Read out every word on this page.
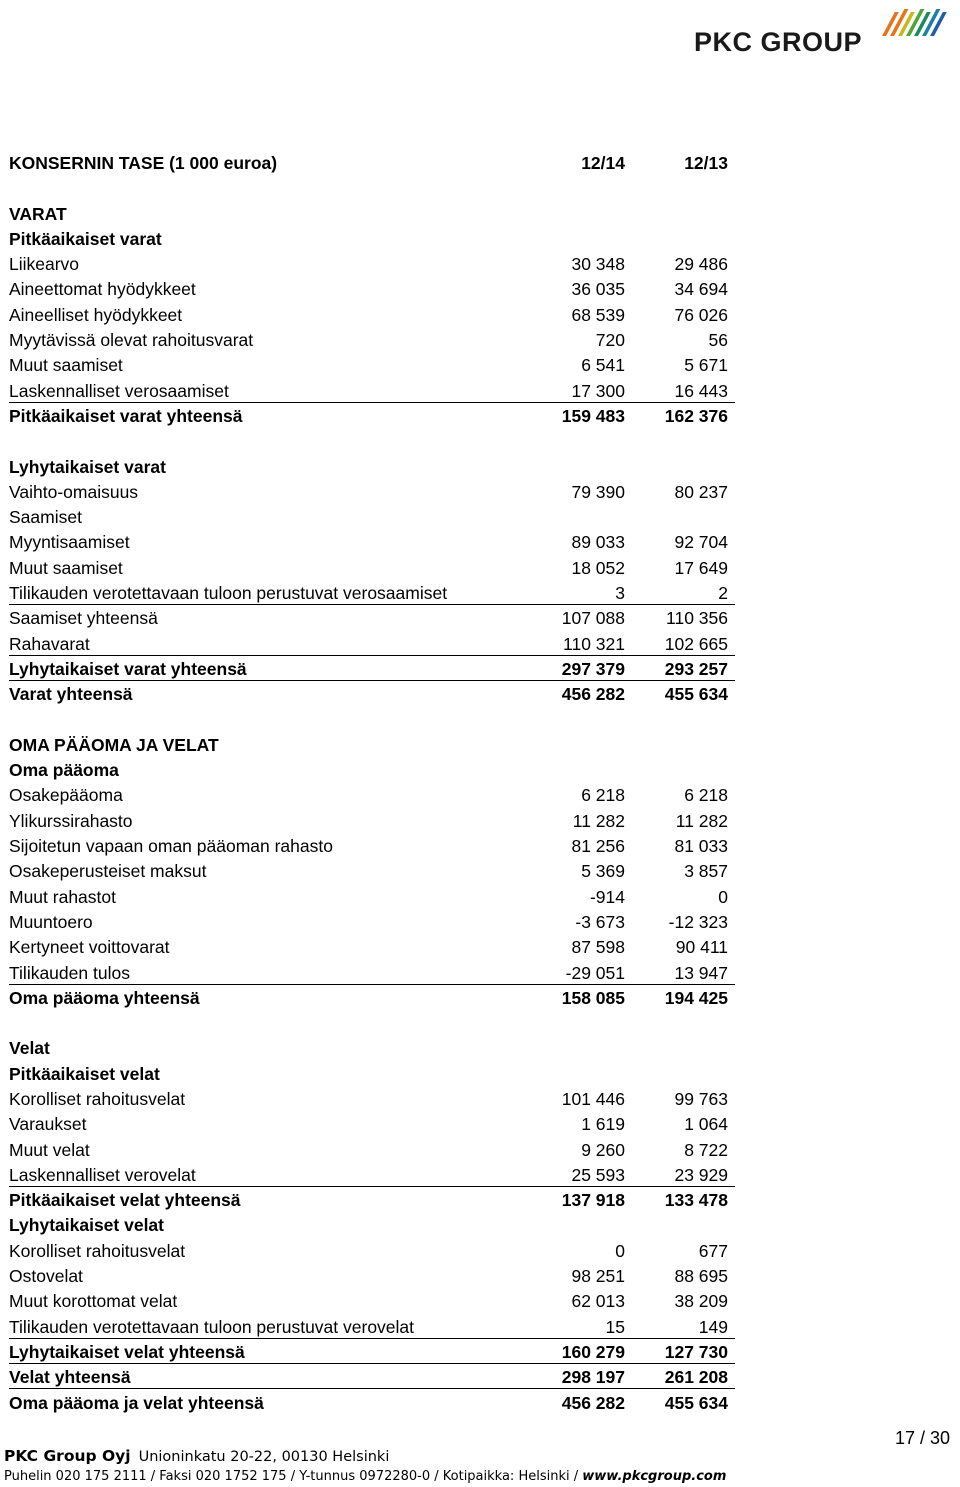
PKC GROUP
KONSERNIN TASE (1 000 euroa)	12/14	12/13
VARAT
Pitkäaikaiset varat
Liikearvo	30 348	29 486
Aineettomat hyödykkeet	36 035	34 694
Aineelliset hyödykkeet	68 539	76 026
Myytävissä olevat rahoitusvarat	720	56
Muut saamiset	6 541	5 671
Laskennalliset verosaamiset	17 300	16 443
Pitkäaikaiset varat yhteensä	159 483	162 376
Lyhytaikaiset varat
Vaihto-omaisuus	79 390	80 237
Saamiset
Myyntisaamiset	89 033	92 704
Muut saamiset	18 052	17 649
Tilikauden verotettavaan tuloon perustuvat verosaamiset	3	2
Saamiset yhteensä	107 088	110 356
Rahavarat	110 321	102 665
Lyhytaikaiset varat yhteensä	297 379	293 257
Varat yhteensä	456 282	455 634
OMA PÄÄOMA JA VELAT
Oma pääoma
Osakepääoma	6 218	6 218
Ylikurssirahasto	11 282	11 282
Sijoitetun vapaan oman pääoman rahasto	81 256	81 033
Osakeperusteiset maksut	5 369	3 857
Muut rahastot	-914	0
Muuntoero	-3 673	-12 323
Kertyneet voittovarat	87 598	90 411
Tilikauden tulos	-29 051	13 947
Oma pääoma yhteensä	158 085	194 425
Velat
Pitkäaikaiset velat
Korolliset rahoitusvelat	101 446	99 763
Varaukset	1 619	1 064
Muut velat	9 260	8 722
Laskennalliset verovelat	25 593	23 929
Pitkäaikaiset velat yhteensä	137 918	133 478
Lyhytaikaiset velat
Korolliset rahoitusvelat	0	677
Ostovelat	98 251	88 695
Muut korottomat velat	62 013	38 209
Tilikauden verotettavaan tuloon perustuvat verovelat	15	149
Lyhytaikaiset velat yhteensä	160 279	127 730
Velat yhteensä	298 197	261 208
Oma pääoma ja velat yhteensä	456 282	455 634
17 / 30
PKC Group Oyj Unioninkatu 20-22, 00130 Helsinki
Puhelin 020 175 2111 / Faksi 020 1752 175 / Y-tunnus 0972280-0 / Kotipaikka: Helsinki / www.pkcgroup.com
